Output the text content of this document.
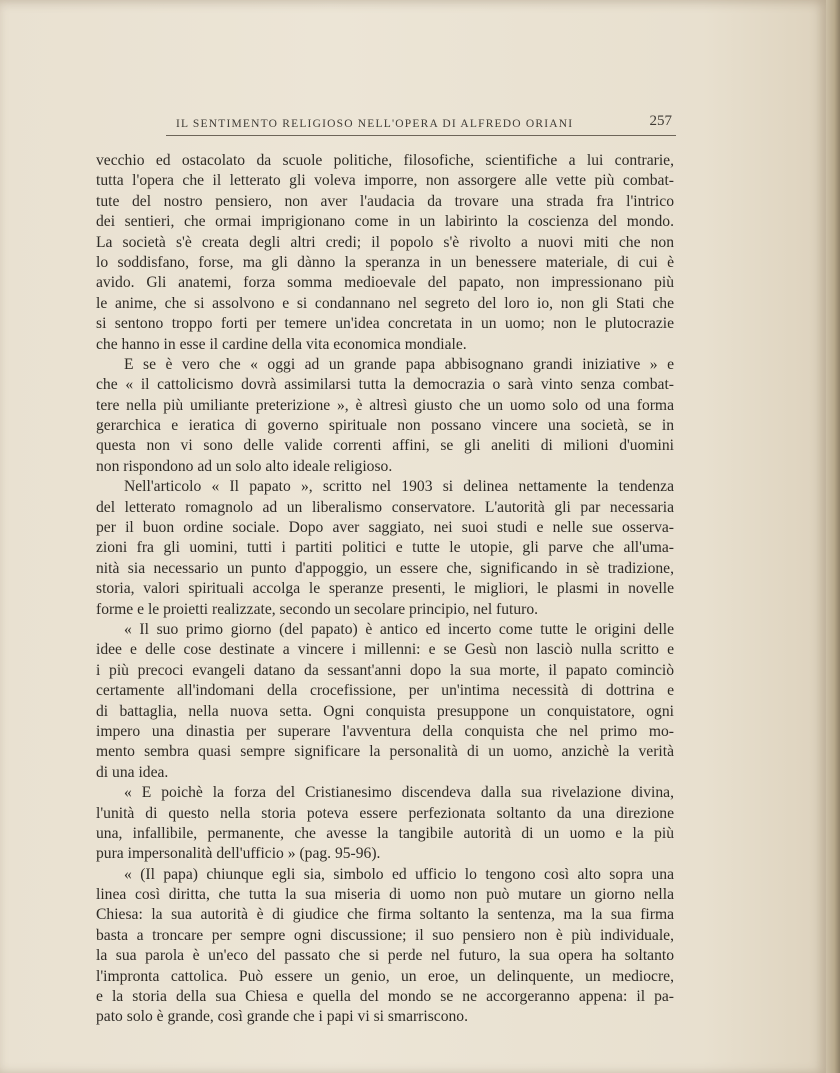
IL SENTIMENTO RELIGIOSO NELL'OPERA DI ALFREDO ORIANI	257
vecchio ed ostacolato da scuole politiche, filosofiche, scientifiche a lui contrarie,
tutta l'opera che il letterato gli voleva imporre, non assorgere alle vette più combat-
tute del nostro pensiero, non aver l'audacia da trovare una strada fra l'intrico
dei sentieri, che ormai imprigionano come in un labirinto la coscienza del mondo.
La società s'è creata degli altri credi; il popolo s'è rivolto a nuovi miti che non
lo soddisfano, forse, ma gli dànno la speranza in un benessere materiale, di cui è
avido. Gli anatemi, forza somma medioevale del papato, non impressionano più
le anime, che si assolvono e si condannano nel segreto del loro io, non gli Stati che
si sentono troppo forti per temere un'idea concretata in un uomo; non le plutocrazie
che hanno in esse il cardine della vita economica mondiale.
E se è vero che « oggi ad un grande papa abbisognano grandi iniziative » e
che « il cattolicismo dovrà assimilarsi tutta la democrazia o sarà vinto senza combat-
tere nella più umiliante preterizione », è altresì giusto che un uomo solo od una forma
gerarchica e ieratica di governo spirituale non possano vincere una società, se in
questa non vi sono delle valide correnti affini, se gli aneliti di milioni d'uomini
non rispondono ad un solo alto ideale religioso.
Nell'articolo « Il papato », scritto nel 1903 si delinea nettamente la tendenza
del letterato romagnolo ad un liberalismo conservatore. L'autorità gli par necessaria
per il buon ordine sociale. Dopo aver saggiato, nei suoi studi e nelle sue osserva-
zioni fra gli uomini, tutti i partiti politici e tutte le utopie, gli parve che all'uma-
nità sia necessario un punto d'appoggio, un essere che, significando in sè tradizione,
storia, valori spirituali accolga le speranze presenti, le migliori, le plasmi in novelle
forme e le proietti realizzate, secondo un secolare principio, nel futuro.
« Il suo primo giorno (del papato) è antico ed incerto come tutte le origini delle
idee e delle cose destinate a vincere i millenni: e se Gesù non lasciò nulla scritto e
i più precoci evangeli datano da sessant'anni dopo la sua morte, il papato cominciò
certamente all'indomani della crocefissione, per un'intima necessità di dottrina e
di battaglia, nella nuova setta. Ogni conquista presuppone un conquistatore, ogni
impero una dinastia per superare l'avventura della conquista che nel primo mo-
mento sembra quasi sempre significare la personalità di un uomo, anzichè la verità
di una idea.
« E poichè la forza del Cristianesimo discendeva dalla sua rivelazione divina,
l'unità di questo nella storia poteva essere perfezionata soltanto da una direzione
una, infallibile, permanente, che avesse la tangibile autorità di un uomo e la più
pura impersonalità dell'ufficio » (pag. 95-96).
« (Il papa) chiunque egli sia, simbolo ed ufficio lo tengono così alto sopra una
linea così diritta, che tutta la sua miseria di uomo non può mutare un giorno nella
Chiesa: la sua autorità è di giudice che firma soltanto la sentenza, ma la sua firma
basta a troncare per sempre ogni discussione; il suo pensiero non è più individuale,
la sua parola è un'eco del passato che si perde nel futuro, la sua opera ha soltanto
l'impronta cattolica. Può essere un genio, un eroe, un delinquente, un mediocre,
e la storia della sua Chiesa e quella del mondo se ne accorgeranno appena: il pa-
pato solo è grande, così grande che i papi vi si smarriscono.
